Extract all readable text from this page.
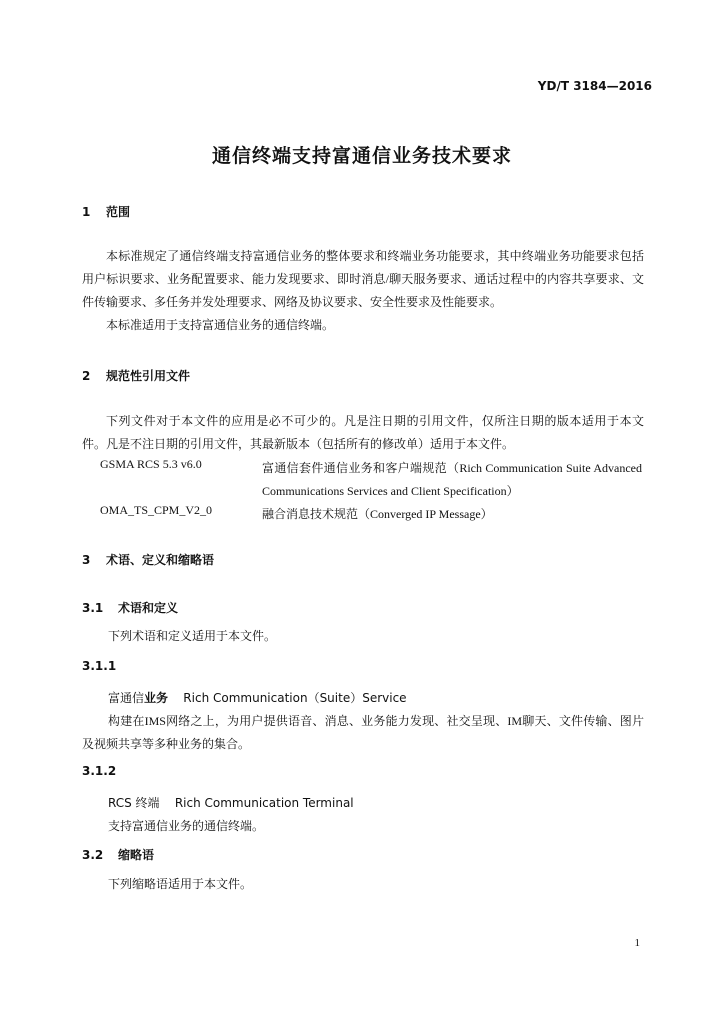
YD/T 3184—2016
通信终端支持富通信业务技术要求
1 范围
本标准规定了通信终端支持富通信业务的整体要求和终端业务功能要求，其中终端业务功能要求包括用户标识要求、业务配置要求、能力发现要求、即时消息/聊天服务要求、通话过程中的内容共享要求、文件传输要求、多任务并发处理要求、网络及协议要求、安全性要求及性能要求。
本标准适用于支持富通信业务的通信终端。
2 规范性引用文件
下列文件对于本文件的应用是必不可少的。凡是注日期的引用文件，仅所注日期的版本适用于本文件。凡是不注日期的引用文件，其最新版本（包括所有的修改单）适用于本文件。
GSMA RCS 5.3 v6.0	富通信套件通信业务和客户端规范（Rich Communication Suite Advanced Communications Services and Client Specification）
OMA_TS_CPM_V2_0	融合消息技术规范（Converged IP Message）
3 术语、定义和缩略语
3.1 术语和定义
下列术语和定义适用于本文件。
3.1.1
富通信业务 Rich Communication（Suite）Service
构建在IMS网络之上，为用户提供语音、消息、业务能力发现、社交呈现、IM聊天、文件传输、图片及视频共享等多种业务的集合。
3.1.2
RCS 终端 Rich Communication Terminal
支持富通信业务的通信终端。
3.2 缩略语
下列缩略语适用于本文件。
1
